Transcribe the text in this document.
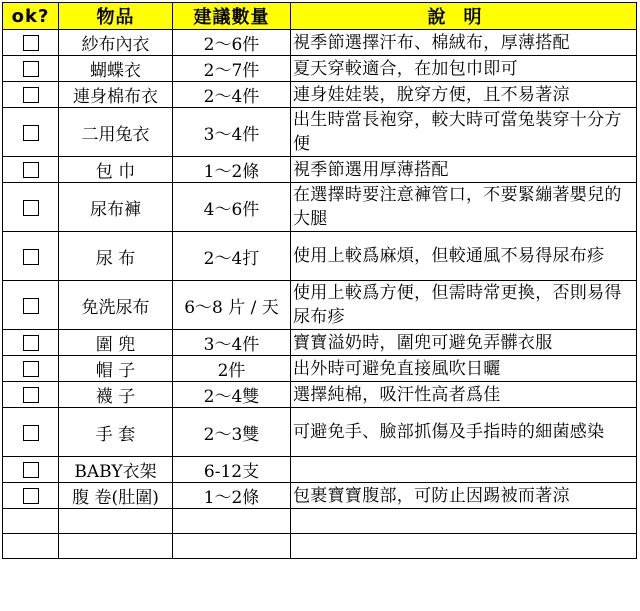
ok?	物品	建議數量	說明
	紗布內衣	2～6件	視季節選擇汗布、棉絨布，厚薄搭配
	蝴蝶衣	2～7件	夏天穿較適合，在加包巾即可
	連身棉布衣	2～4件	連身娃娃裝，脫穿方便，且不易著涼
	二用兔衣	3～4件	出生時當長袍穿，較大時可當兔裝穿十分方便
	包 巾	1～2條	視季節選用厚薄搭配
	尿布褲	4～6件	在選擇時要注意褲管口，不要緊繃著嬰兒的大腿
	尿 布	2～4打	使用上較爲麻煩，但較通風不易得尿布疹
	免洗尿布	6～8 片 / 天	使用上較爲方便，但需時常更換，否則易得尿布疹
	圍 兜	3～4件	寶寶溢奶時，圍兜可避免弄髒衣服
	帽 子	2件	出外時可避免直接風吹日曬
	襪 子	2～4雙	選擇純棉，吸汗性高者爲佳
	手 套	2～3雙	可避免手、臉部抓傷及手指時的細菌感染
	BABY衣架	6-12支	
	腹 卷(肚圍)	1～2條	包裹寶寶腹部，可防止因踢被而著涼
